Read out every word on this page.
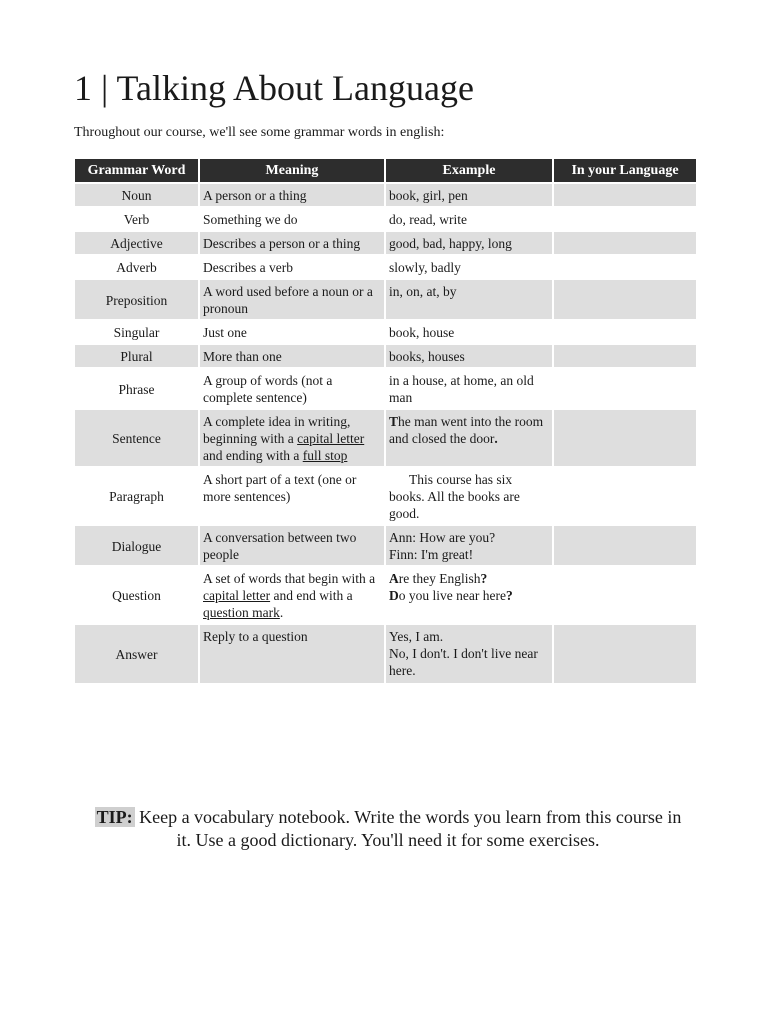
1 | Talking About Language

Throughout our course, we'll see some grammar words in english:

Grammar Word	Meaning	Example	In your Language
Noun	A person or a thing	book, girl, pen	
Verb	Something we do	do, read, write	
Adjective	Describes a person or a thing	good, bad, happy, long	
Adverb	Describes a verb	slowly, badly	
Preposition	A word used before a noun or a pronoun	in, on, at, by	
Singular	Just one	book, house	
Plural	More than one	books, houses	
Phrase	A group of words (not a complete sentence)	in a house, at home, an old man	
Sentence	A complete idea in writing, beginning with a capital letter and ending with a full stop	The man went into the room and closed the door.	
Paragraph	A short part of a text (one or more sentences)	This course has six books. All the books are good.	
Dialogue	A conversation between two people	Ann: How are you?
Finn: I'm great!	

Question	A set of words that begin with a capital letter and end with a question mark.	Are they English?
Do you live near here?	

Answer	Reply to a question	Yes, I am.
No, I don't. I don't live near here.	

TIP: Keep a vocabulary notebook. Write the words you learn from this course in it. Use a good dictionary. You'll need it for some exercises.
